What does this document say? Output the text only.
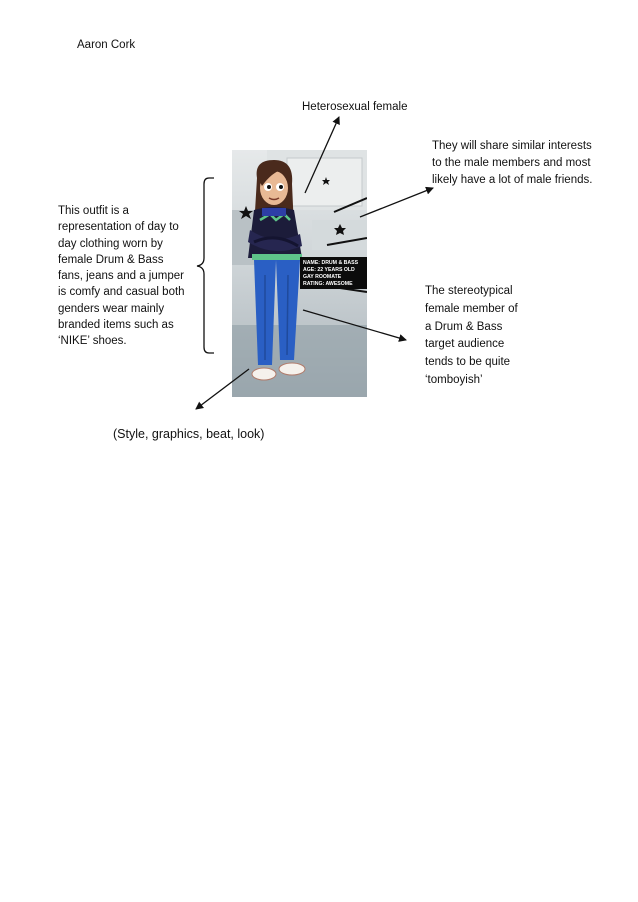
Aaron Cork
Heterosexual female
They will share similar interests
to the male members and most
likely have a lot of male friends.
This outfit is a
representation of day to
day clothing worn by
female Drum & Bass
fans, jeans and a jumper
is comfy and casual both
genders wear mainly
branded items such as
‘NIKE’ shoes.
The stereotypical
female member of
a Drum & Bass
target audience
tends to be quite
‘tomboyish’
(Style, graphics, beat, look)
NAME: DRUM & BASS
AGE: 22 YEARS OLD
GAY ROOMATE
RATING: AWESOME
